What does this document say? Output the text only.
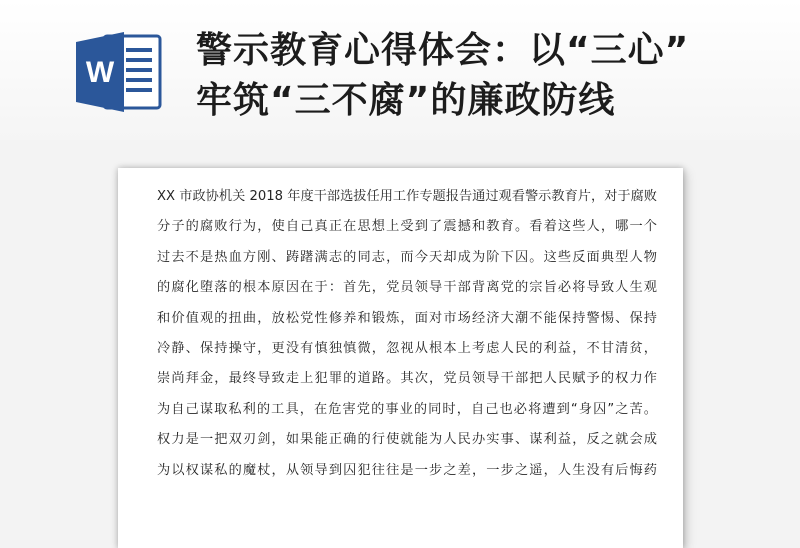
W
警示教育心得体会：以“三心”
牢筑“三不腐”的廉政防线
XX 市政协机关 2018 年度干部选拔任用工作专题报告通过观看警示教育片，对于腐败
分子的腐败行为，使自己真正在思想上受到了震撼和教育。看着这些人，哪一个
过去不是热血方刚、踌躇满志的同志，而今天却成为阶下囚。这些反面典型人物
的腐化堕落的根本原因在于：首先，党员领导干部背离党的宗旨必将导致人生观
和价值观的扭曲，放松党性修养和锻炼，面对市场经济大潮不能保持警惕、保持
冷静、保持操守，更没有慎独慎微，忽视从根本上考虑人民的利益，不甘清贫，
崇尚拜金，最终导致走上犯罪的道路。其次，党员领导干部把人民赋予的权力作
为自己谋取私利的工具，在危害党的事业的同时，自己也必将遭到“身囚”之苦。
权力是一把双刃剑，如果能正确的行使就能为人民办实事、谋利益，反之就会成
为以权谋私的魔杖，从领导到囚犯往往是一步之差，一步之遥，人生没有后悔药
